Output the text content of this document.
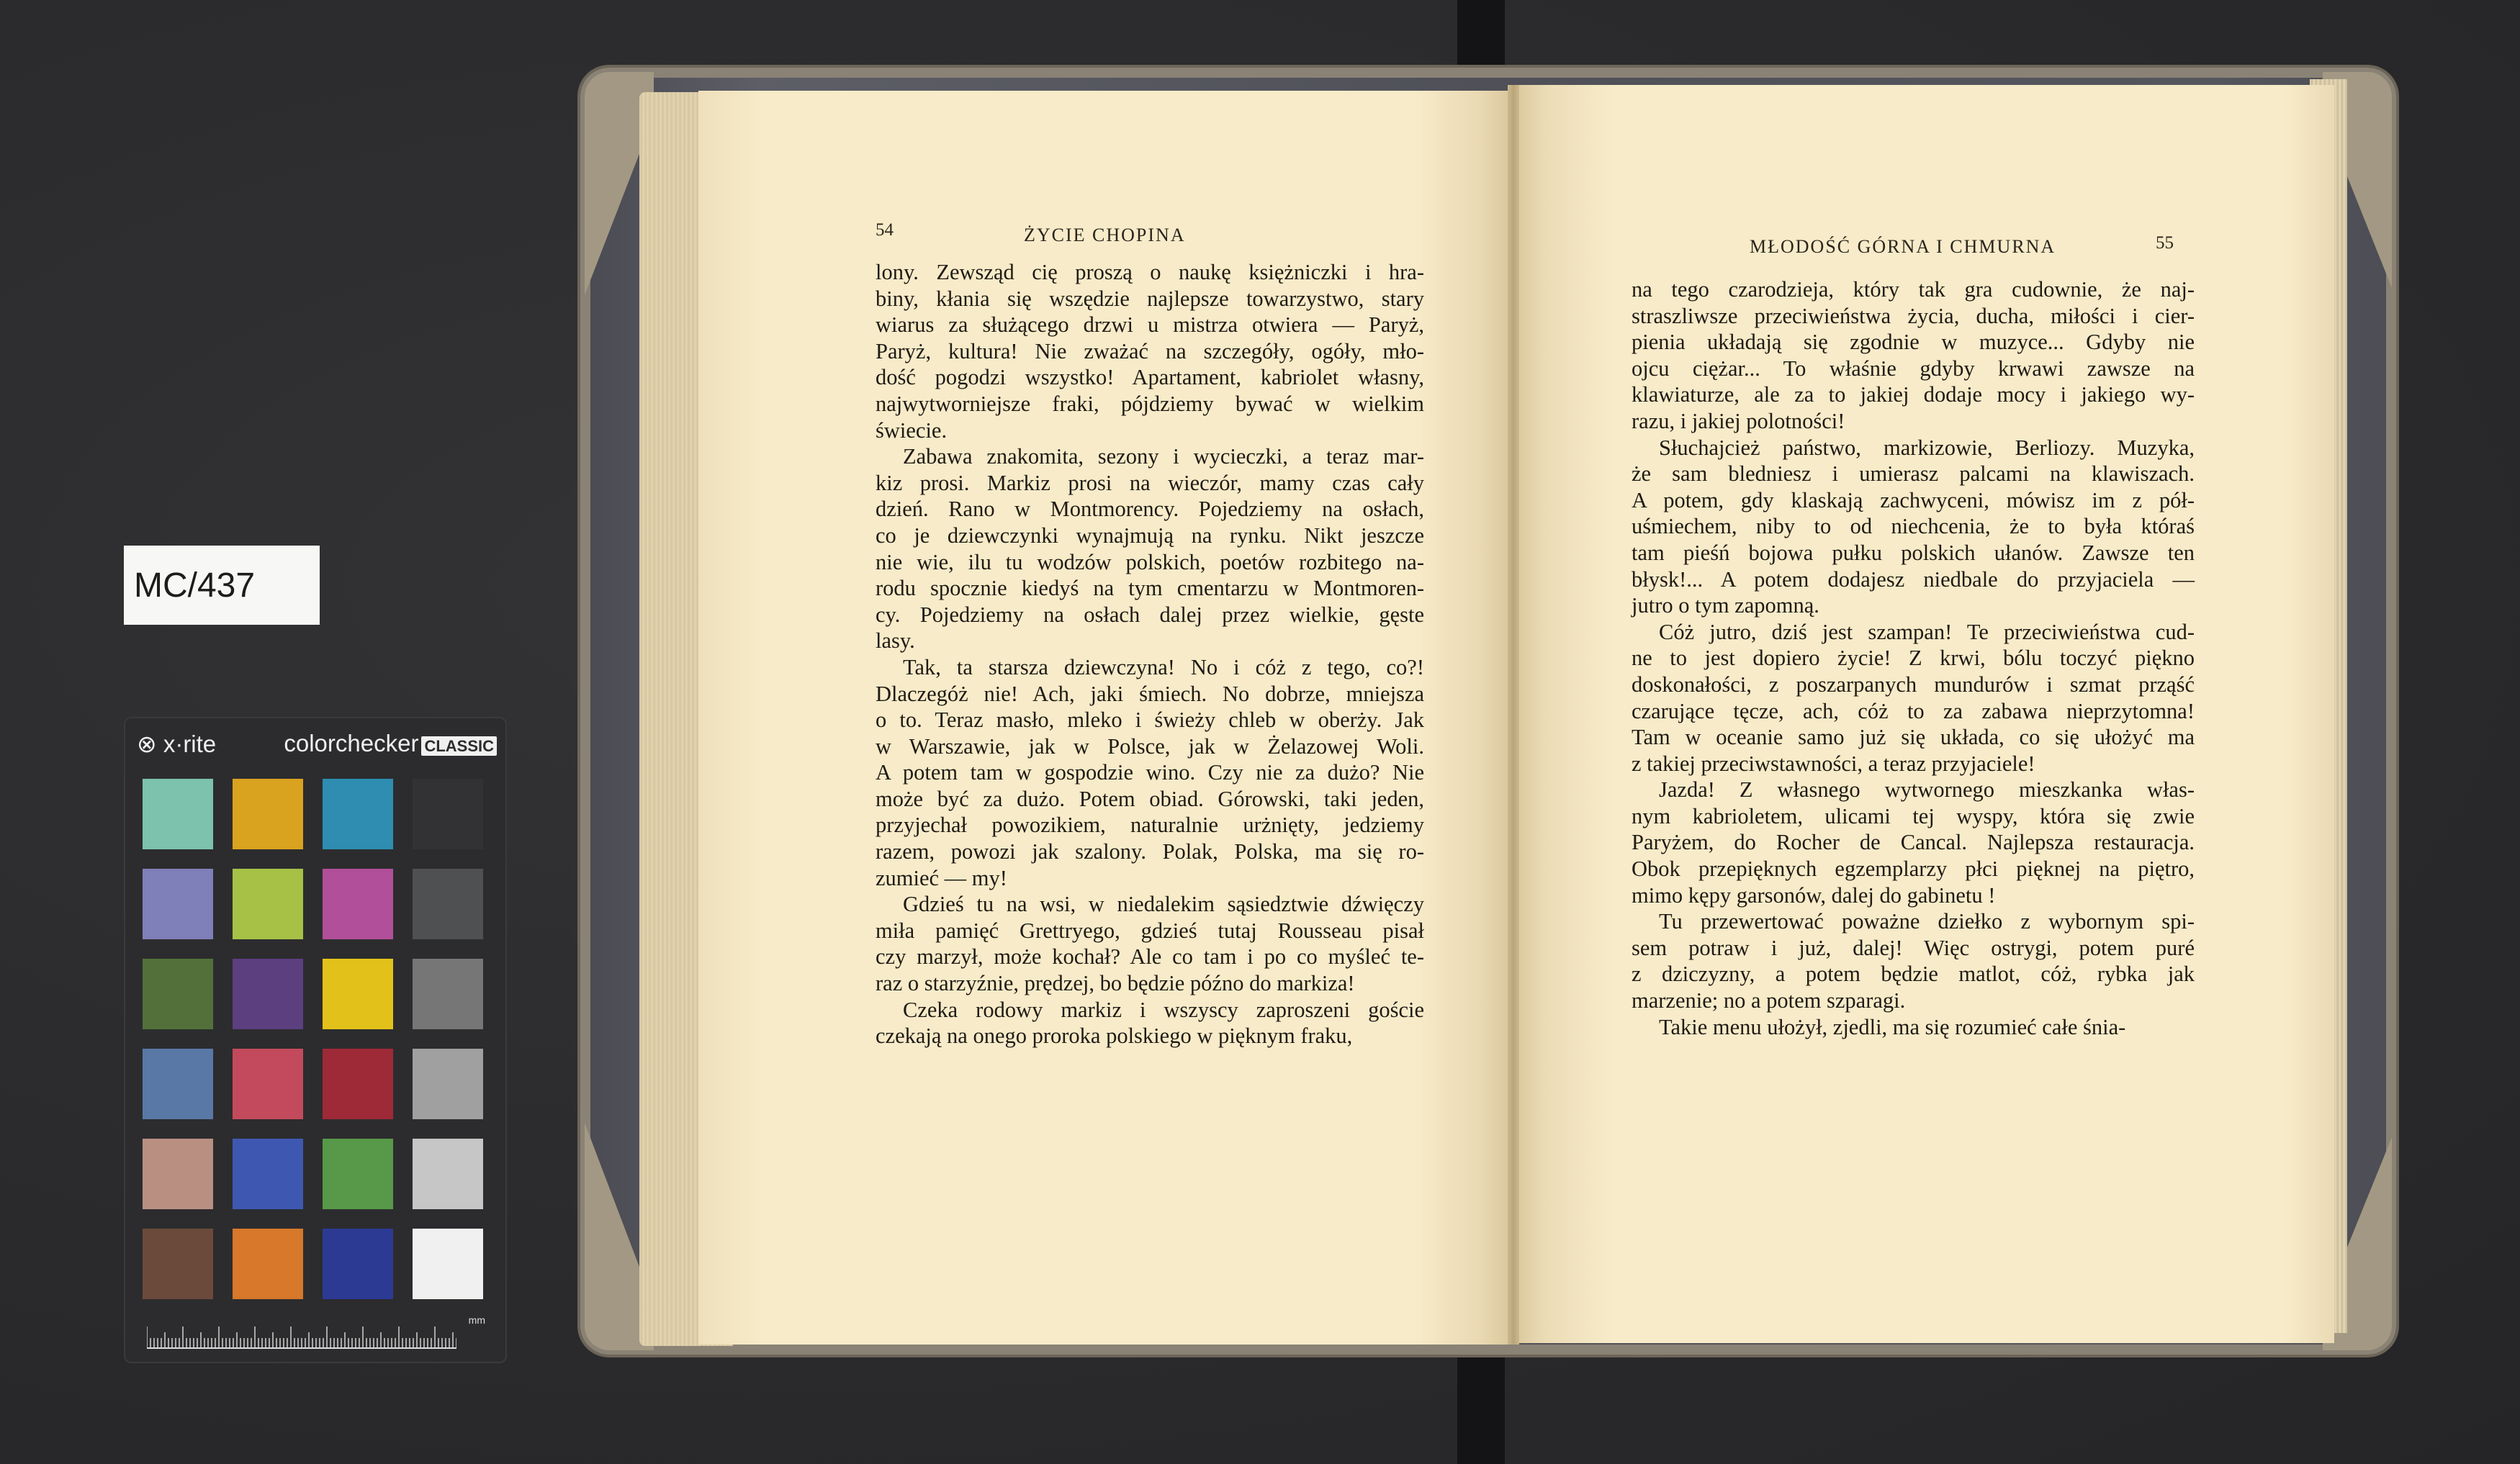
MC/437
⊗ x·rite	colorchecker CLASSIC
mm
54	ŻYCIE CHOPINA
MŁODOŚĆ GÓRNA I CHMURNA	55

lony. Zewsząd cię proszą o naukę księżniczki i hra-

biny, kłania się wszędzie najlepsze towarzystwo, stary

wiarus za służącego drzwi u mistrza otwiera — Paryż,

Paryż, kultura! Nie zważać na szczegóły, ogóły, mło-

dość pogodzi wszystko! Apartament, kabriolet własny,

najwytworniejsze fraki, pójdziemy bywać w wielkim

świecie.

Zabawa znakomita, sezony i wycieczki, a teraz mar-

kiz prosi. Markiz prosi na wieczór, mamy czas cały

dzień. Rano w Montmorency. Pojedziemy na osłach,

co je dziewczynki wynajmują na rynku. Nikt jeszcze

nie wie, ilu tu wodzów polskich, poetów rozbitego na-

rodu spocznie kiedyś na tym cmentarzu w Montmoren-

cy. Pojedziemy na osłach dalej przez wielkie, gęste

lasy.

Tak, ta starsza dziewczyna! No i cóż z tego, co?!

Dlaczegóż nie! Ach, jaki śmiech. No dobrze, mniejsza

o to. Teraz masło, mleko i świeży chleb w oberży. Jak

w Warszawie, jak w Polsce, jak w Żelazowej Woli.

A potem tam w gospodzie wino. Czy nie za dużo? Nie

może być za dużo. Potem obiad. Górowski, taki jeden,

przyjechał powozikiem, naturalnie urżnięty, jedziemy

razem, powozi jak szalony. Polak, Polska, ma się ro-

zumieć — my!

Gdzieś tu na wsi, w niedalekim sąsiedztwie dźwięczy

miła pamięć Grettryego, gdzieś tutaj Rousseau pisał

czy marzył, może kochał? Ale co tam i po co myśleć te-

raz o starzyźnie, prędzej, bo będzie późno do markiza!

Czeka rodowy markiz i wszyscy zaproszeni goście

czekają na onego proroka polskiego w pięknym fraku,

na tego czarodzieja, który tak gra cudownie, że naj-

straszliwsze przeciwieństwa życia, ducha, miłości i cier-

pienia układają się zgodnie w muzyce... Gdyby nie

ojcu ciężar... To właśnie gdyby krwawi zawsze na

klawiaturze, ale za to jakiej dodaje mocy i jakiego wy-

razu, i jakiej polotności!

Słuchajcież państwo, markizowie, Berliozy. Muzyka,

że sam bledniesz i umierasz palcami na klawiszach.

A potem, gdy klaskają zachwyceni, mówisz im z pół-

uśmiechem, niby to od niechcenia, że to była któraś

tam pieśń bojowa pułku polskich ułanów. Zawsze ten

błysk!... A potem dodajesz niedbale do przyjaciela —

jutro o tym zapomną.

Cóż jutro, dziś jest szampan! Te przeciwieństwa cud-

ne to jest dopiero życie! Z krwi, bólu toczyć piękno

doskonałości, z poszarpanych mundurów i szmat prząść

czarujące tęcze, ach, cóż to za zabawa nieprzytomna!

Tam w oceanie samo już się układa, co się ułożyć ma

z takiej przeciwstawności, a teraz przyjaciele!

Jazda! Z własnego wytwornego mieszkanka włas-

nym kabrioletem, ulicami tej wyspy, która się zwie

Paryżem, do Rocher de Cancal. Najlepsza restauracja.

Obok przepięknych egzemplarzy płci pięknej na piętro,

mimo kępy garsonów, dalej do gabinetu !

Tu przewertować poważne dziełko z wybornym spi-

sem potraw i już, dalej! Więc ostrygi, potem puré

z dziczyzny, a potem będzie matlot, cóż, rybka jak

marzenie; no a potem szparagi.

Takie menu ułożył, zjedli, ma się rozumieć całe śnia-
